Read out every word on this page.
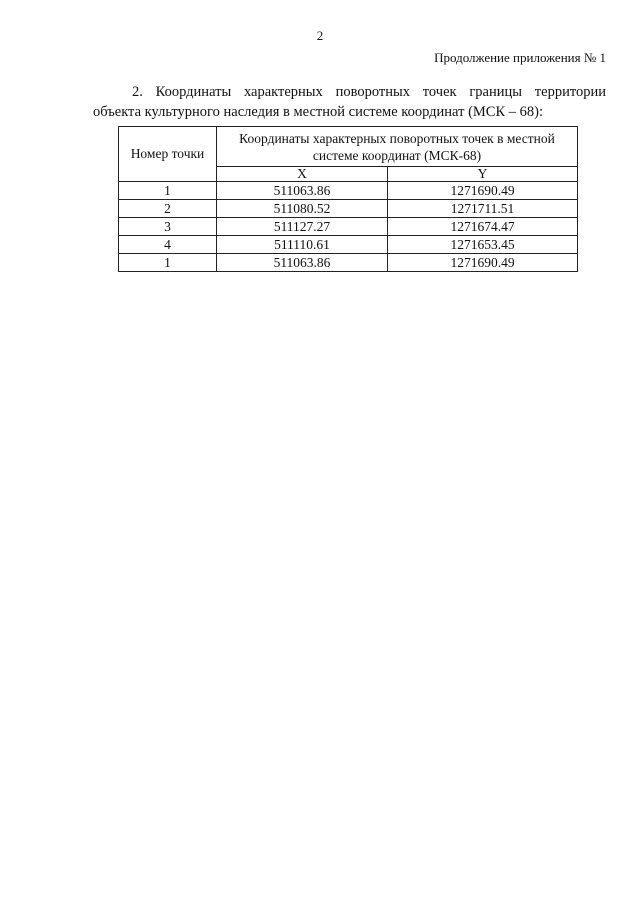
2
Продолжение приложения № 1
2. Координаты характерных поворотных точек границы территории
объекта культурного наследия в местной системе координат (МСК – 68):
Номер точки	Координаты характерных поворотных точек в местной системе координат (МСК-68)	
	X	Y
1	511063.86	1271690.49
2	511080.52	1271711.51
3	511127.27	1271674.47
4	511110.61	1271653.45
1	511063.86	1271690.49
